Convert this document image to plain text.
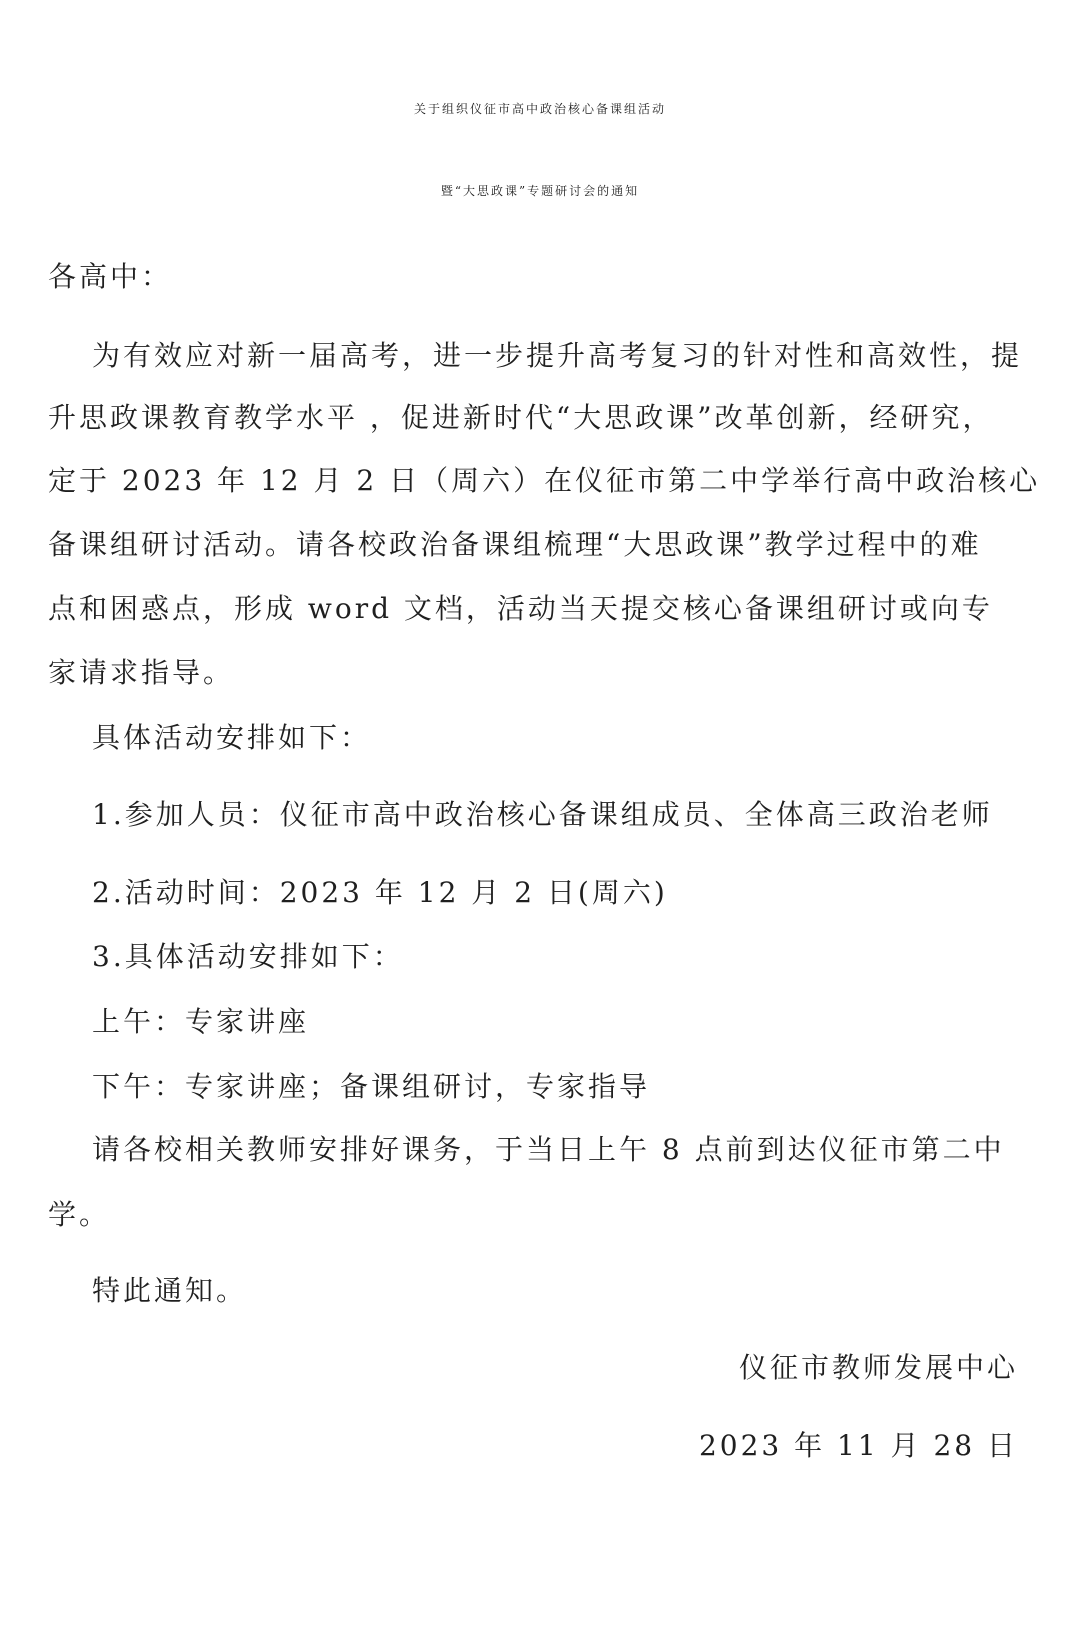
关于组织仪征市高中政治核心备课组活动
暨“大思政课”专题研讨会的通知
各高中：
为有效应对新一届高考，进一步提升高考复习的针对性和高效性，提
升思政课教育教学水平 ，促进新时代“大思政课”改革创新，经研究，
定于 2023 年 12 月 2 日（周六）在仪征市第二中学举行高中政治核心
备课组研讨活动。请各校政治备课组梳理“大思政课”教学过程中的难
点和困惑点，形成 word 文档，活动当天提交核心备课组研讨或向专
家请求指导。
具体活动安排如下：
1.参加人员：仪征市高中政治核心备课组成员、全体高三政治老师
2.活动时间：2023 年 12 月 2 日(周六)
3.具体活动安排如下：
上午：专家讲座
下午：专家讲座；备课组研讨，专家指导
请各校相关教师安排好课务，于当日上午 8 点前到达仪征市第二中
学。
特此通知。
仪征市教师发展中心
2023 年 11 月 28 日
